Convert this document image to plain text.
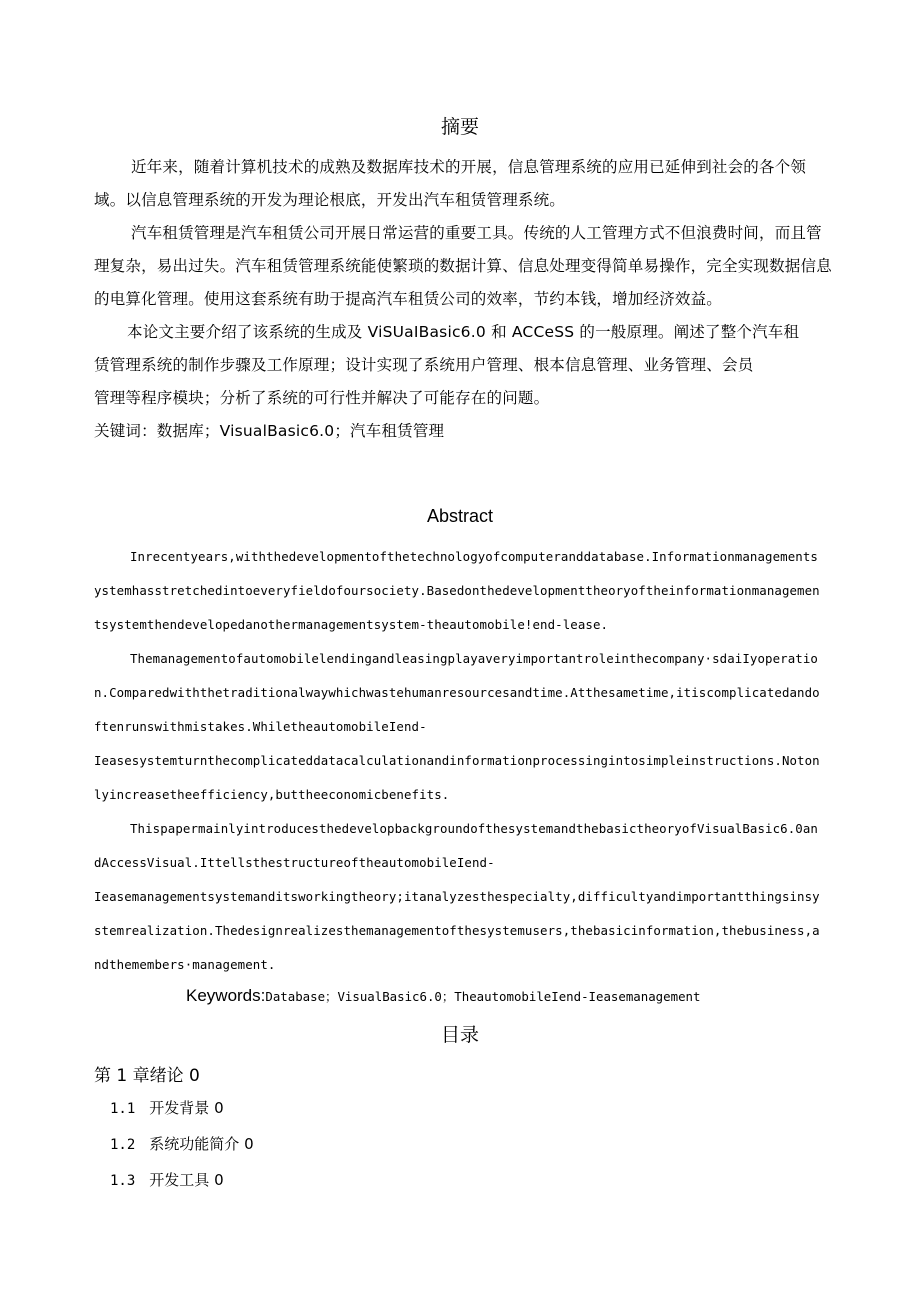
摘要

近年来，随着计算机技术的成熟及数据库技术的开展，信息管理系统的应用已延伸到社会的各个领域。以信息管理系统的开发为理论根底，开发出汽车租赁管理系统。

汽车租赁管理是汽车租赁公司开展日常运营的重要工具。传统的人工管理方式不但浪费时间，而且管理复杂，易出过失。汽车租赁管理系统能使繁琐的数据计算、信息处理变得简单易操作，完全实现数据信息的电算化管理。使用这套系统有助于提高汽车租赁公司的效率，节约本钱，增加经济效益。

本论文主要介绍了该系统的生成及 ViSUaIBasic6.0 和 ACCeSS 的一般原理。阐述了整个汽车租

赁管理系统的制作步骤及工作原理；设计实现了系统用户管理、根本信息管理、业务管理、会员

管理等程序模块；分析了系统的可行性并解决了可能存在的问题。

关键词：数据库；VisualBasic6.0；汽车租赁管理

Abstract

Inrecentyears,withthedevelopmentofthetechnologyofcomputeranddatabase.Informationmanagementsystemhasstretchedintoeveryfieldofoursociety.Basedonthedevelopmenttheoryoftheinformationmanagementsystemthendevelopedanothermanagementsystem-theautomobile!end-lease.

Themanagementofautomobilelendingandleasingplayaveryimportantroleinthecompany·sdaiIyoperation.Comparedwiththetraditionalwaywhichwastehumanresourcesandtime.Atthesametime,itiscomplicatedandoftenrunswithmistakes.WhiletheautomobileIend-

Ieasesystemturnthecomplicateddatacalculationandinformationprocessingintosimpleinstructions.Notonlyincreasetheefficiency,buttheeconomicbenefits.

ThispapermainlyintroducesthedevelopbackgroundofthesystemandthebasictheoryofVisualBasic6.0andAccessVisual.IttellsthestructureoftheautomobileIend-

Ieasemanagementsystemanditsworkingtheory;itanalyzesthespecialty,difficultyandimportantthingsinsystemrealization.Thedesignrealizesthemanagementofthesystemusers,thebasicinformation,thebusiness,andthemembers·management.

Keywords:Database；VisualBasic6.0；TheautomobileIend-Ieasemanagement
目录
第 1 章绪论 0
1.1 开发背景 0
1.2 系统功能简介 0
1.3 开发工具 0
